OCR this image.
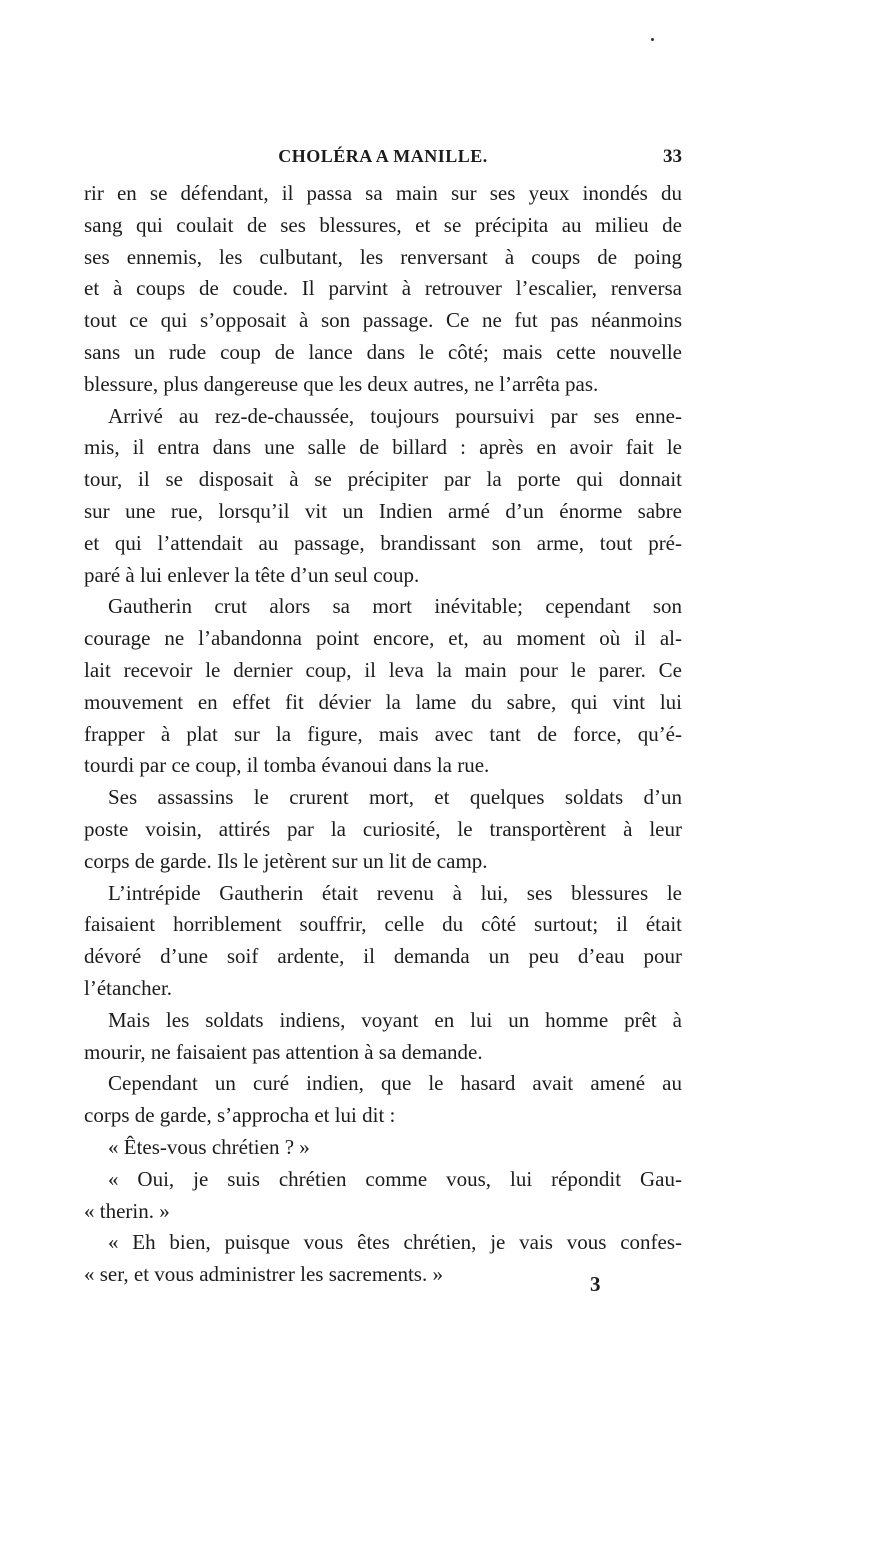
CHOLÉRA A MANILLE.	33
rir en se défendant, il passa sa main sur ses yeux inondés du
sang qui coulait de ses blessures, et se précipita au milieu de
ses ennemis, les culbutant, les renversant à coups de poing
et à coups de coude. Il parvint à retrouver l’escalier, renversa
tout ce qui s’opposait à son passage. Ce ne fut pas néanmoins
sans un rude coup de lance dans le côté; mais cette nouvelle
blessure, plus dangereuse que les deux autres, ne l’arrêta pas.
Arrivé au rez-de-chaussée, toujours poursuivi par ses enne-
mis, il entra dans une salle de billard : après en avoir fait le
tour, il se disposait à se précipiter par la porte qui donnait
sur une rue, lorsqu’il vit un Indien armé d’un énorme sabre
et qui l’attendait au passage, brandissant son arme, tout pré-
paré à lui enlever la tête d’un seul coup.
Gautherin crut alors sa mort inévitable; cependant son
courage ne l’abandonna point encore, et, au moment où il al-
lait recevoir le dernier coup, il leva la main pour le parer. Ce
mouvement en effet fit dévier la lame du sabre, qui vint lui
frapper à plat sur la figure, mais avec tant de force, qu’é-
tourdi par ce coup, il tomba évanoui dans la rue.
Ses assassins le crurent mort, et quelques soldats d’un
poste voisin, attirés par la curiosité, le transportèrent à leur
corps de garde. Ils le jetèrent sur un lit de camp.
L’intrépide Gautherin était revenu à lui, ses blessures le
faisaient horriblement souffrir, celle du côté surtout; il était
dévoré d’une soif ardente, il demanda un peu d’eau pour
l’étancher.
Mais les soldats indiens, voyant en lui un homme prêt à
mourir, ne faisaient pas attention à sa demande.
Cependant un curé indien, que le hasard avait amené au
corps de garde, s’approcha et lui dit :
« Êtes-vous chrétien ? »
« Oui, je suis chrétien comme vous, lui répondit Gau-
« therin. »
« Eh bien, puisque vous êtes chrétien, je vais vous confes-
« ser, et vous administrer les sacrements. »	3
